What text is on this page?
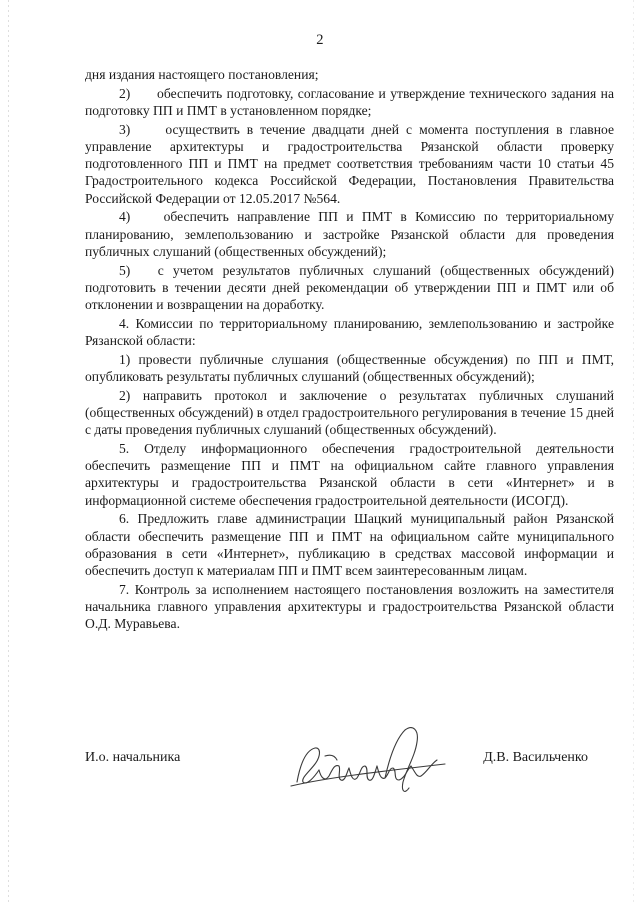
2

дня издания настоящего постановления;

2)      обеспечить подготовку, согласование и утверждение технического задания на подготовку ПП и ПМТ в установленном порядке;

3)     осуществить в течение двадцати дней с момента поступления в главное управление архитектуры и градостроительства Рязанской области проверку подготовленного ПП и ПМТ на предмет соответствия требованиям части 10 статьи 45 Градостроительного кодекса Российской Федерации, Постановления Правительства Российской Федерации от 12.05.2017 №564.

4)    обеспечить направление ПП и ПМТ в Комиссию по территориальному планированию, землепользованию и застройке Рязанской области для проведения публичных слушаний (общественных обсуждений);

5)   с учетом результатов публичных слушаний (общественных обсуждений) подготовить в течении десяти дней рекомендации об утверждении ПП и ПМТ или об отклонении и возвращении на доработку.

4. Комиссии по территориальному планированию, землепользованию и застройке Рязанской области:

1) провести публичные слушания (общественные обсуждения) по ПП и ПМТ, опубликовать результаты публичных слушаний (общественных обсуждений);

2) направить протокол и заключение о результатах публичных слушаний (общественных обсуждений) в отдел градостроительного регулирования в течение 15 дней с даты проведения публичных слушаний (общественных обсуждений).

5. Отделу информационного обеспечения градостроительной деятельности обеспечить размещение ПП и ПМТ на официальном сайте главного управления архитектуры и градостроительства Рязанской области в сети «Интернет» и в информационной системе обеспечения градостроительной деятельности (ИСОГД).

6. Предложить главе администрации Шацкий муниципальный район Рязанской области обеспечить размещение ПП и ПМТ на официальном сайте муниципального образования в сети «Интернет», публикацию в средствах массовой информации и обеспечить доступ к материалам ПП и ПМТ всем заинтересованным лицам.

7. Контроль за исполнением настоящего постановления возложить на заместителя начальника главного управления архитектуры и градостроительства Рязанской области О.Д. Муравьева.

И.о. начальника	Д.В. Васильченко
